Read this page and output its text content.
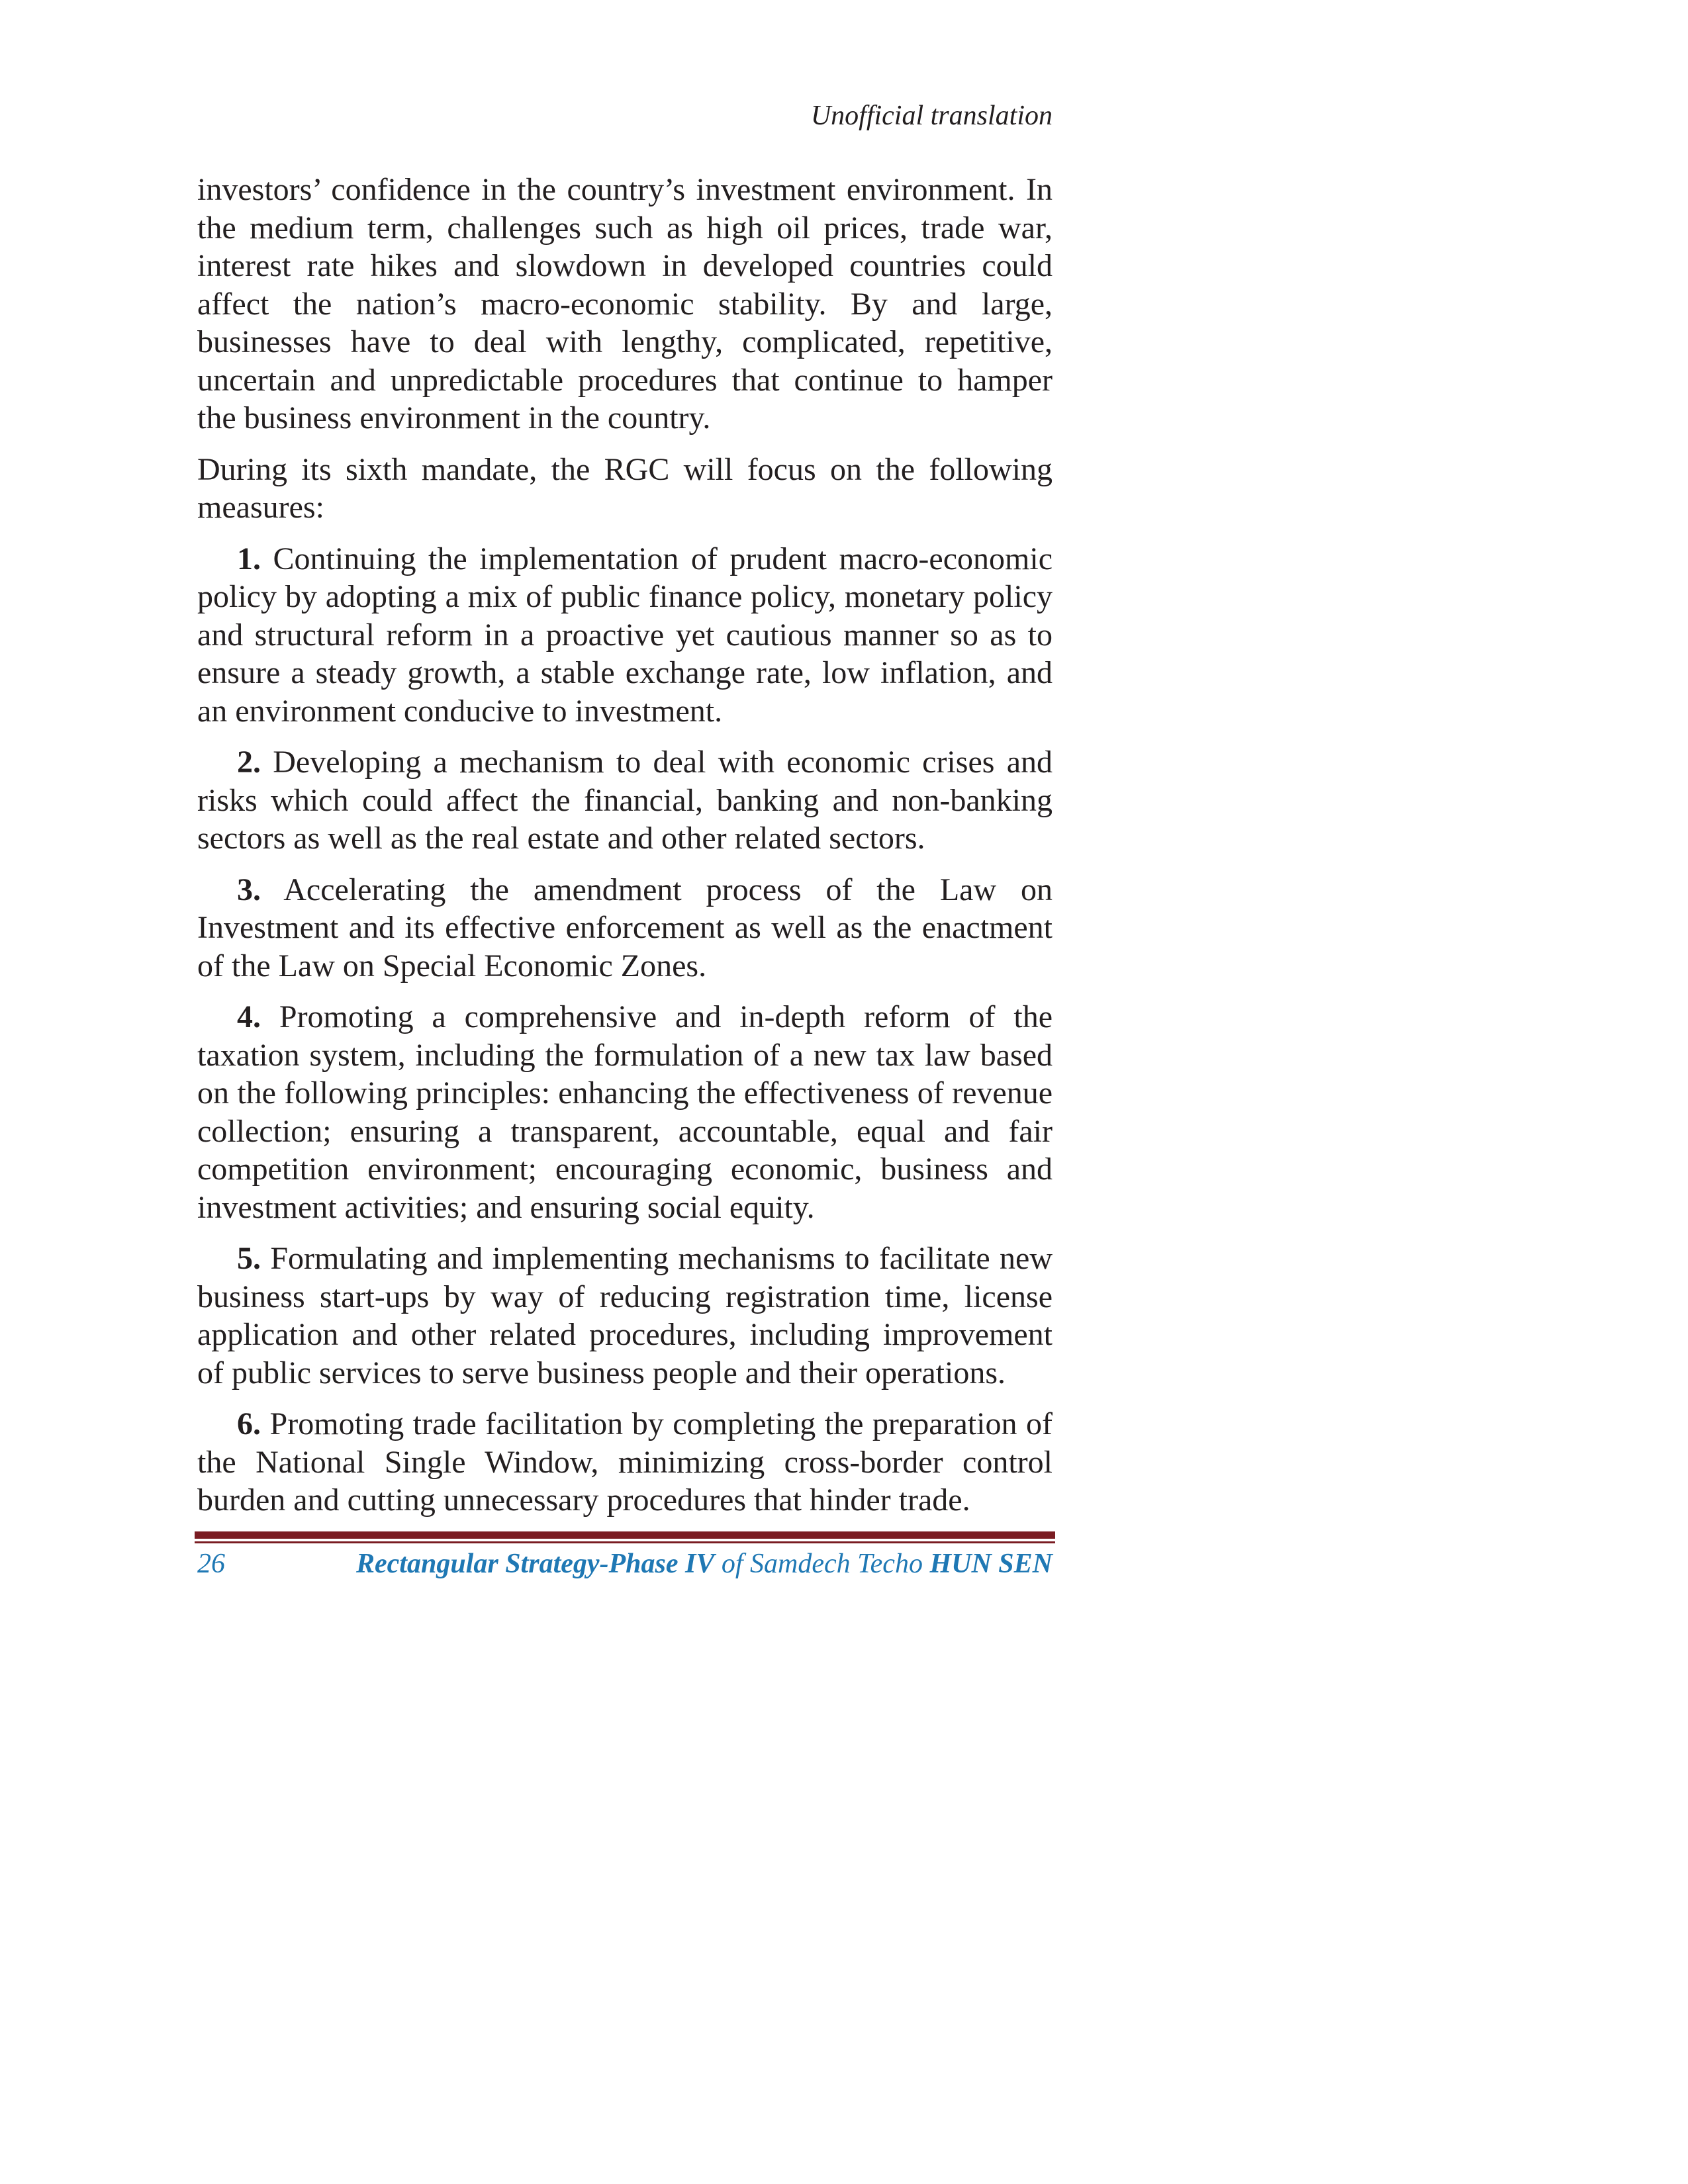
Unofficial translation

investors’ confidence in the country’s investment environment. In the medium term, challenges such as high oil prices, trade war, interest rate hikes and slowdown in developed countries could affect the nation’s macro-economic stability. By and large, businesses have to deal with lengthy, complicated, repetitive, uncertain and unpredictable procedures that continue to hamper the business environment in the country.

During its sixth mandate, the RGC will focus on the following measures:

1. Continuing the implementation of prudent macro-economic policy by adopting a mix of public finance policy, monetary policy and structural reform in a proactive yet cautious manner so as to ensure a steady growth, a stable exchange rate, low inflation, and an environment conducive to investment.

2. Developing a mechanism to deal with economic crises and risks which could affect the financial, banking and non-banking sectors as well as the real estate and other related sectors.

3. Accelerating the amendment process of the Law on Investment and its effective enforcement as well as the enactment of the Law on Special Economic Zones.

4. Promoting a comprehensive and in-depth reform of the taxation system, including the formulation of a new tax law based on the following principles: enhancing the effectiveness of revenue collection; ensuring a transparent, accountable, equal and fair competition environment; encouraging economic, business and investment activities; and ensuring social equity.

5. Formulating and implementing mechanisms to facilitate new business start-ups by way of reducing registration time, license application and other related procedures, including improvement of public services to serve business people and their operations.

6. Promoting trade facilitation by completing the preparation of the National Single Window, minimizing cross-border control burden and cutting unnecessary procedures that hinder trade.

26	Rectangular Strategy-Phase IV of Samdech Techo HUN SEN
